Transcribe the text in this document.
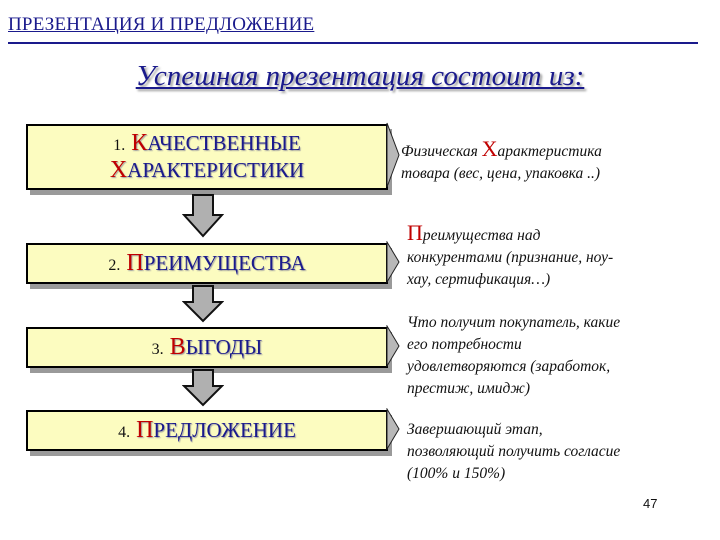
ПРЕЗЕНТАЦИЯ И ПРЕДЛОЖЕНИЕ
Успешная презентация состоит из:
1. КАЧЕСТВЕННЫЕ
ХАРАКТЕРИСТИКИ
2. ПРЕИМУЩЕСТВА
3. ВЫГОДЫ
4. ПРЕДЛОЖЕНИЕ
Физическая Характеристика
товара (вес, цена, упаковка ..)
Преимущества над
конкурентами (признание, ноу-
хау, сертификация…)
Что получит покупатель, какие
его потребности
удовлетворяются (заработок,
престиж, имидж)
Завершающий этап,
позволяющий получить согласие
(100% и 150%)
47
